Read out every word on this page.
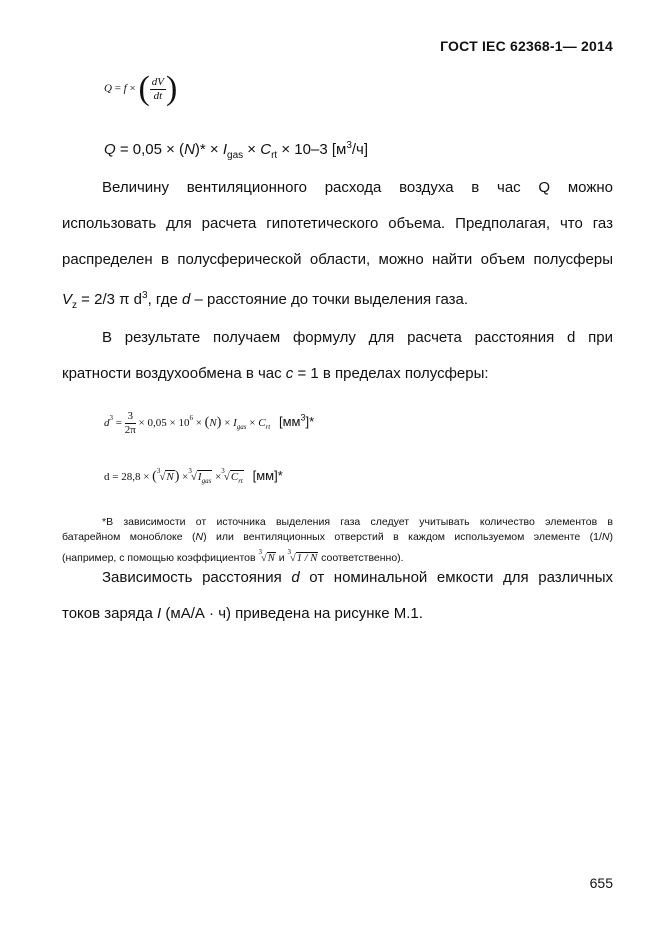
ГОСТ IEC 62368-1— 2014
Q = f × ( $\frac{dV}{dt}$ )
$Q = 0,05 \times (N)* \times I_{gas} \times C_{rt} \times 10-3$ $[м^3/ч]$
Величину вентиляционного расхода воздуха в час Q можно
использовать для расчета гипотетического объема. Предполагая, что газ
распределен в полусферической области, можно найти объем полусферы
$V_z = 2/3$ π $d^3$, где d – расстояние до точки выделения газа.
В результате получаем формулу для расчета расстояния d при
кратности воздухообмена в час c = 1 в пределах полусферы:
$d^3 = \frac{3}{2\pi} \times 0,05 \times 10^6 \times (N) \times I_{gas} \times C_{rt}$ $[мм^3]*$
$d = 28,8 \times (^3√N) \times^3√I_{gas} \times^3√C_{rt}$ [мм]*
*В зависимости от источника выделения газа следует учитывать количество элементов в
батарейном моноблоке (N) или вентиляционных отверстий в каждом используемом элементе (1/N)
(например, с помощью коэффициентов $^3$√N и $^3$√1 / N соответственно).
Зависимость расстояния d от номинальной емкости для различных
токов заряда I (мА/А · ч) приведена на рисунке М.1.
655
